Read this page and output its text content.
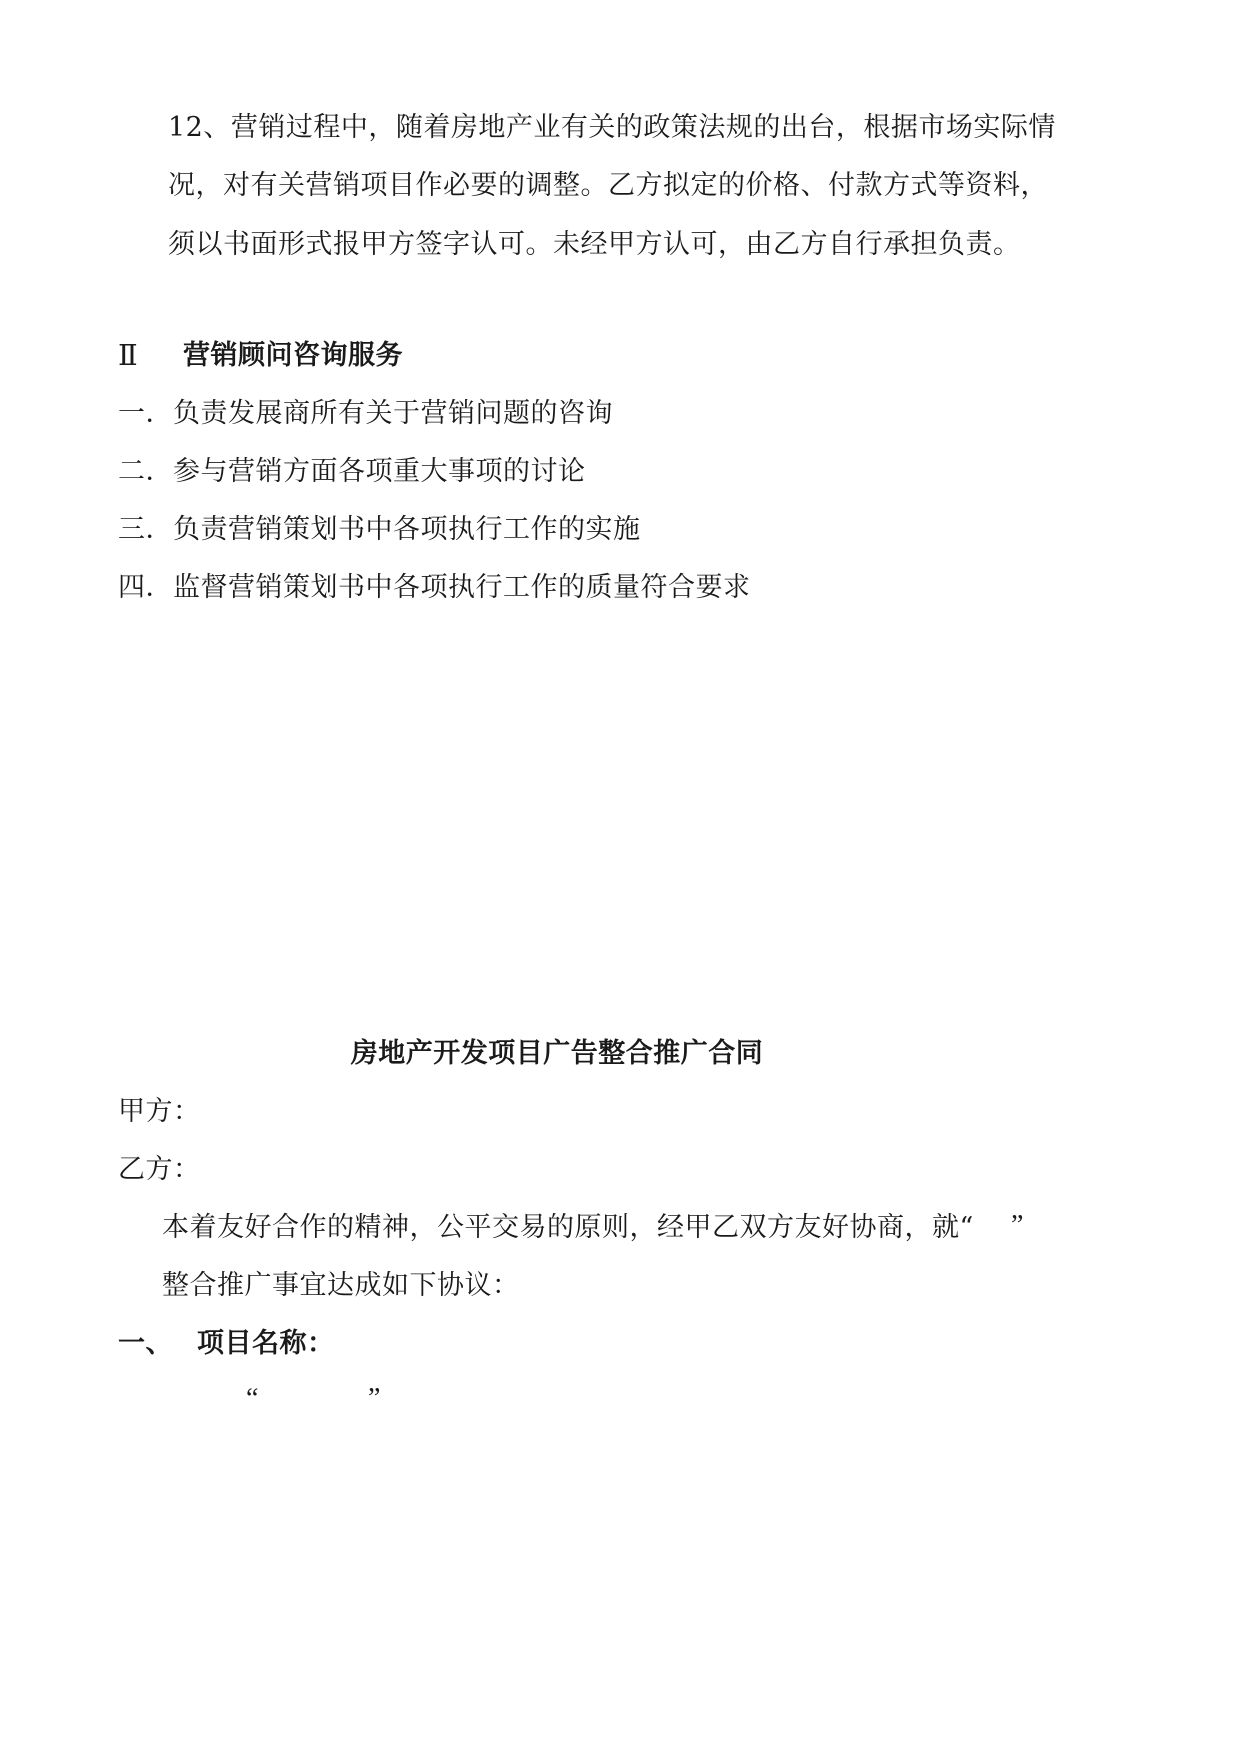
12、营销过程中，随着房地产业有关的政策法规的出台，根据市场实际情
况，对有关营销项目作必要的调整。乙方拟定的价格、付款方式等资料，
须以书面形式报甲方签字认可。未经甲方认可，由乙方自行承担负责。
Ⅱ 营销顾问咨询服务
一．负责发展商所有关于营销问题的咨询
二．参与营销方面各项重大事项的讨论
三．负责营销策划书中各项执行工作的实施
四．监督营销策划书中各项执行工作的质量符合要求
房地产开发项目广告整合推广合同
甲方：
乙方：
本着友好合作的精神，公平交易的原则，经甲乙双方友好协商，就“ ”
整合推广事宜达成如下协议：
一、 项目名称：
“	”
